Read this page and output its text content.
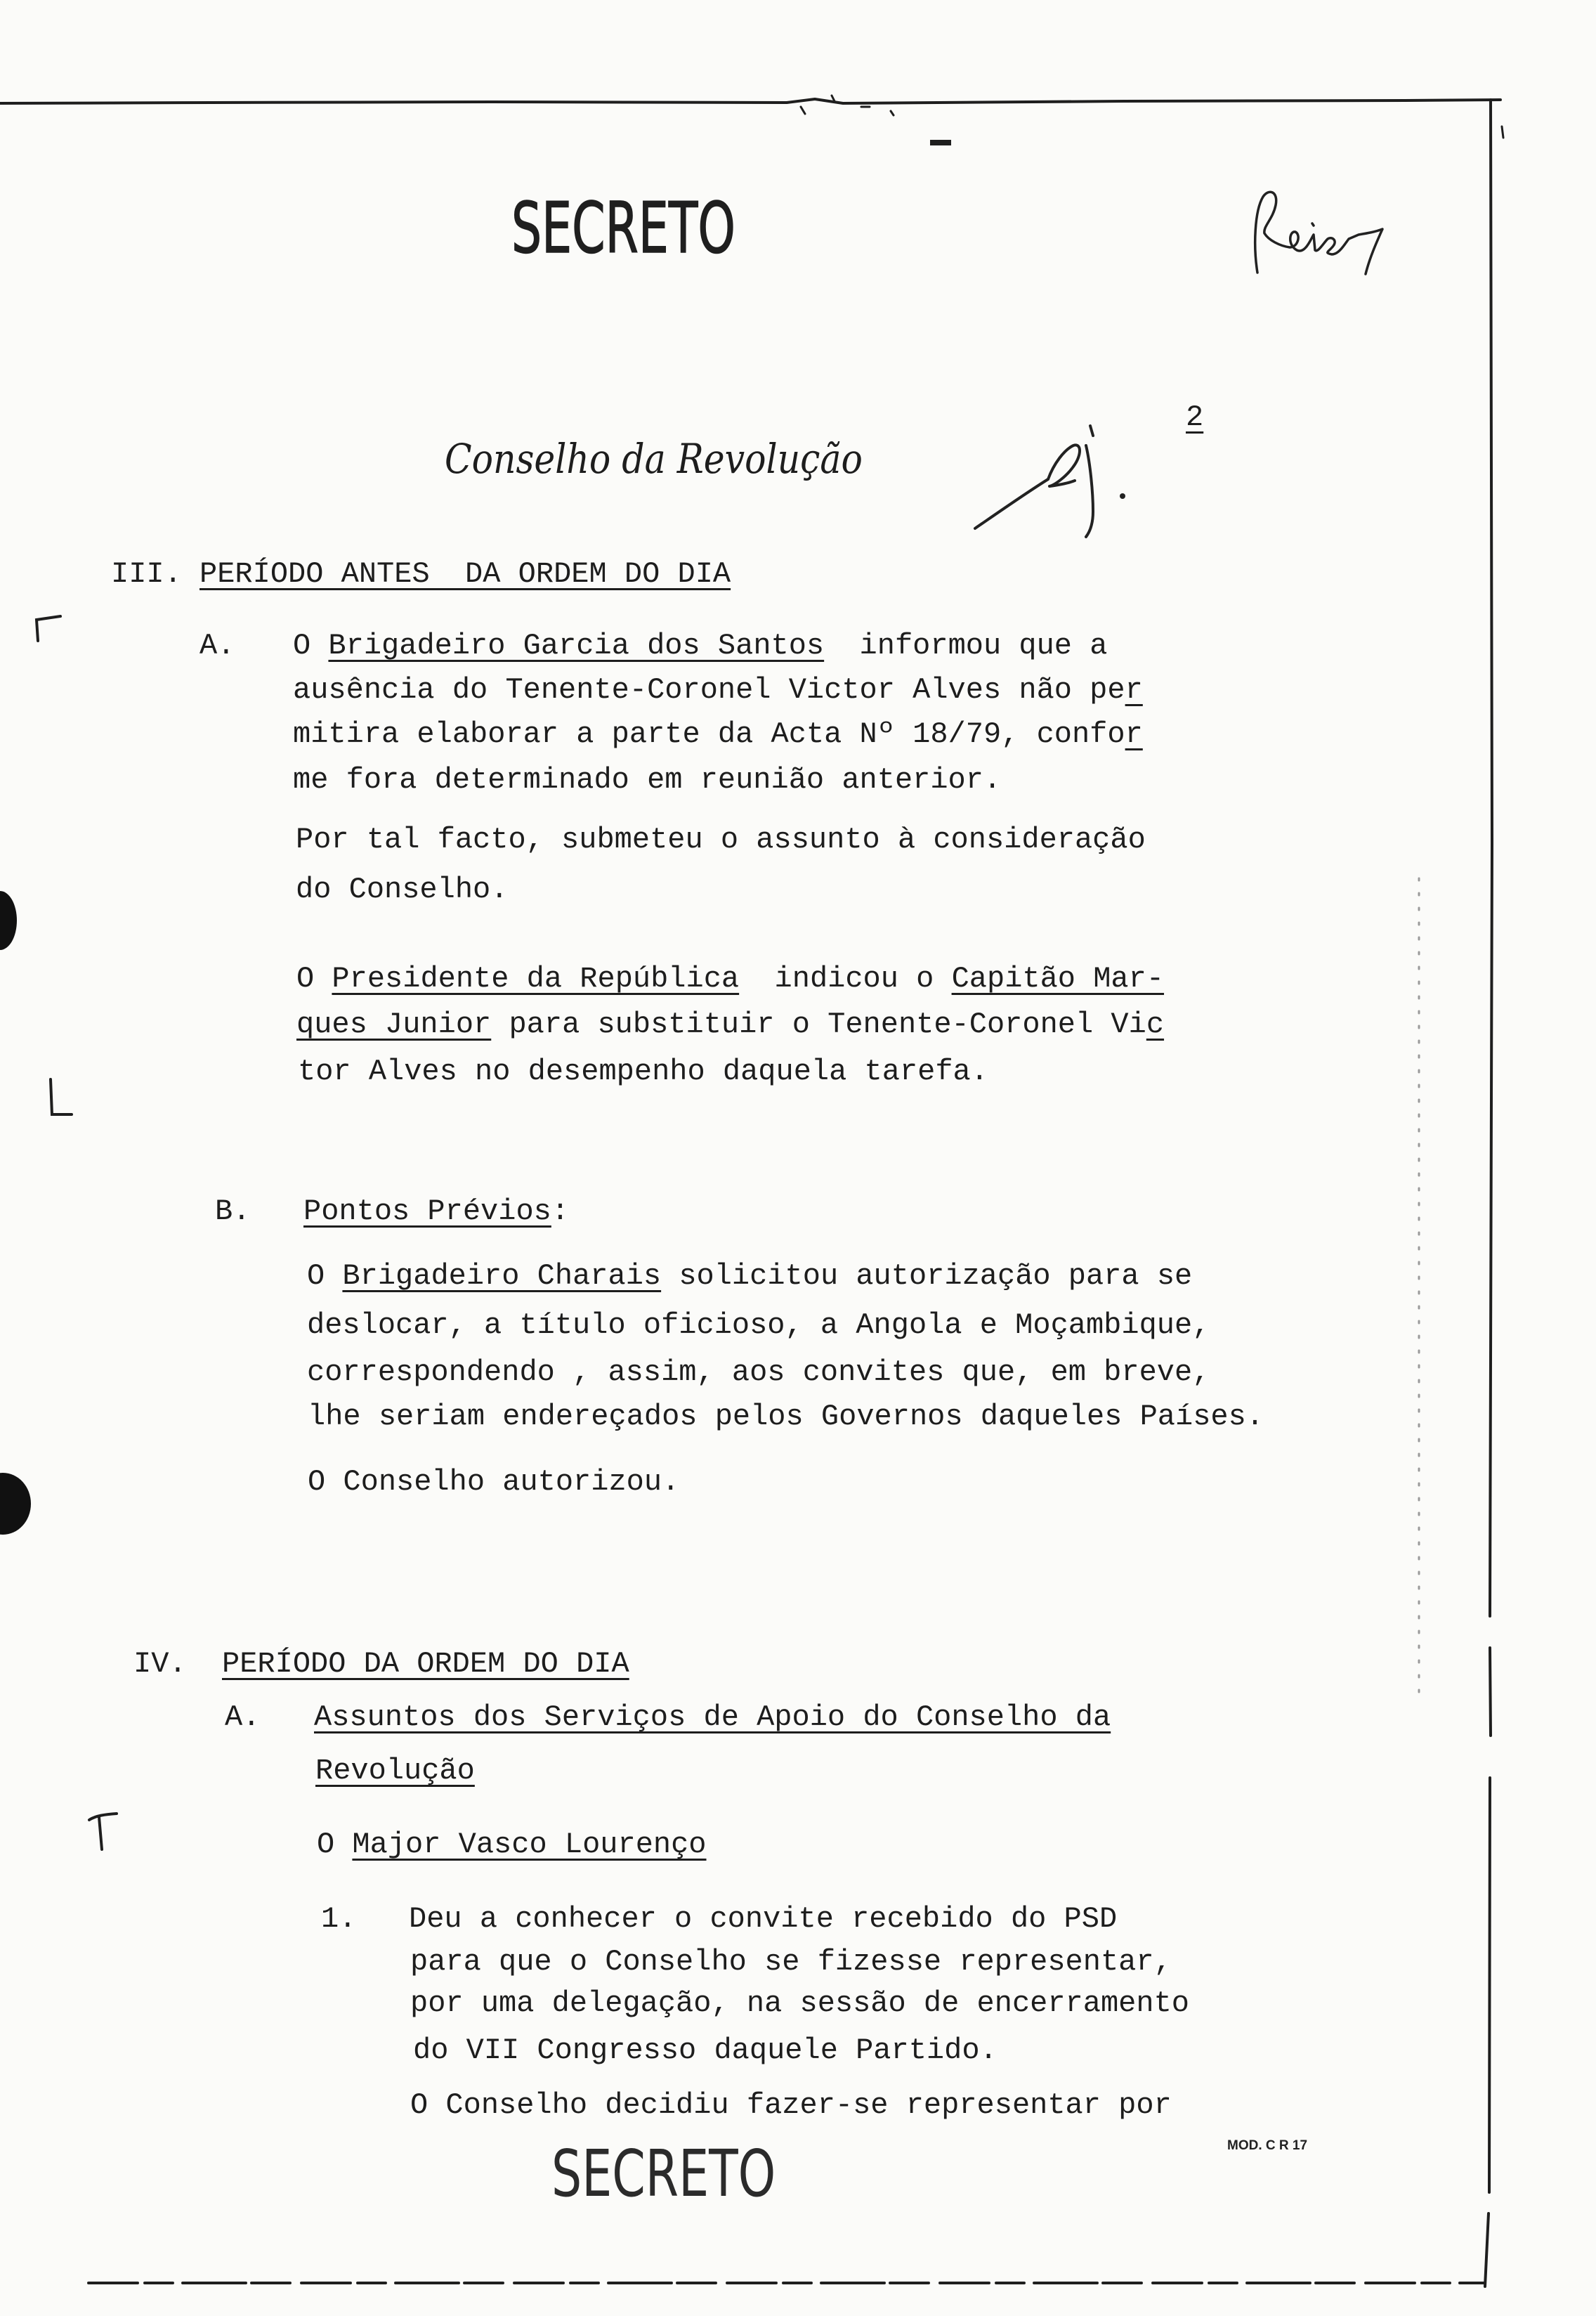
SECRETO
Conselho da Revolução
2
III. PERÍODO ANTES  DA ORDEM DO DIA
A. O Brigadeiro Garcia dos Santos  informou que a
ausência do Tenente-Coronel Victor Alves não per
mitira elaborar a parte da Acta Nº 18/79, confor
me fora determinado em reunião anterior.
Por tal facto, submeteu o assunto à consideração
do Conselho.
O Presidente da República  indicou o Capitão Mar-
ques Junior para substituir o Tenente-Coronel Vic
tor Alves no desempenho daquela tarefa.
B. Pontos Prévios:
O Brigadeiro Charais solicitou autorização para se
deslocar, a título oficioso, a Angola e Moçambique,
correspondendo , assim, aos convites que, em breve,
lhe seriam endereçados pelos Governos daqueles Países.
O Conselho autorizou.
IV. PERÍODO DA ORDEM DO DIA
A. Assuntos dos Serviços de Apoio do Conselho da
Revolução
O Major Vasco Lourenço
1. Deu a conhecer o convite recebido do PSD
para que o Conselho se fizesse representar,
por uma delegação, na sessão de encerramento
do VII Congresso daquele Partido.
O Conselho decidiu fazer-se representar por
MOD. C R 17
SECRETO
